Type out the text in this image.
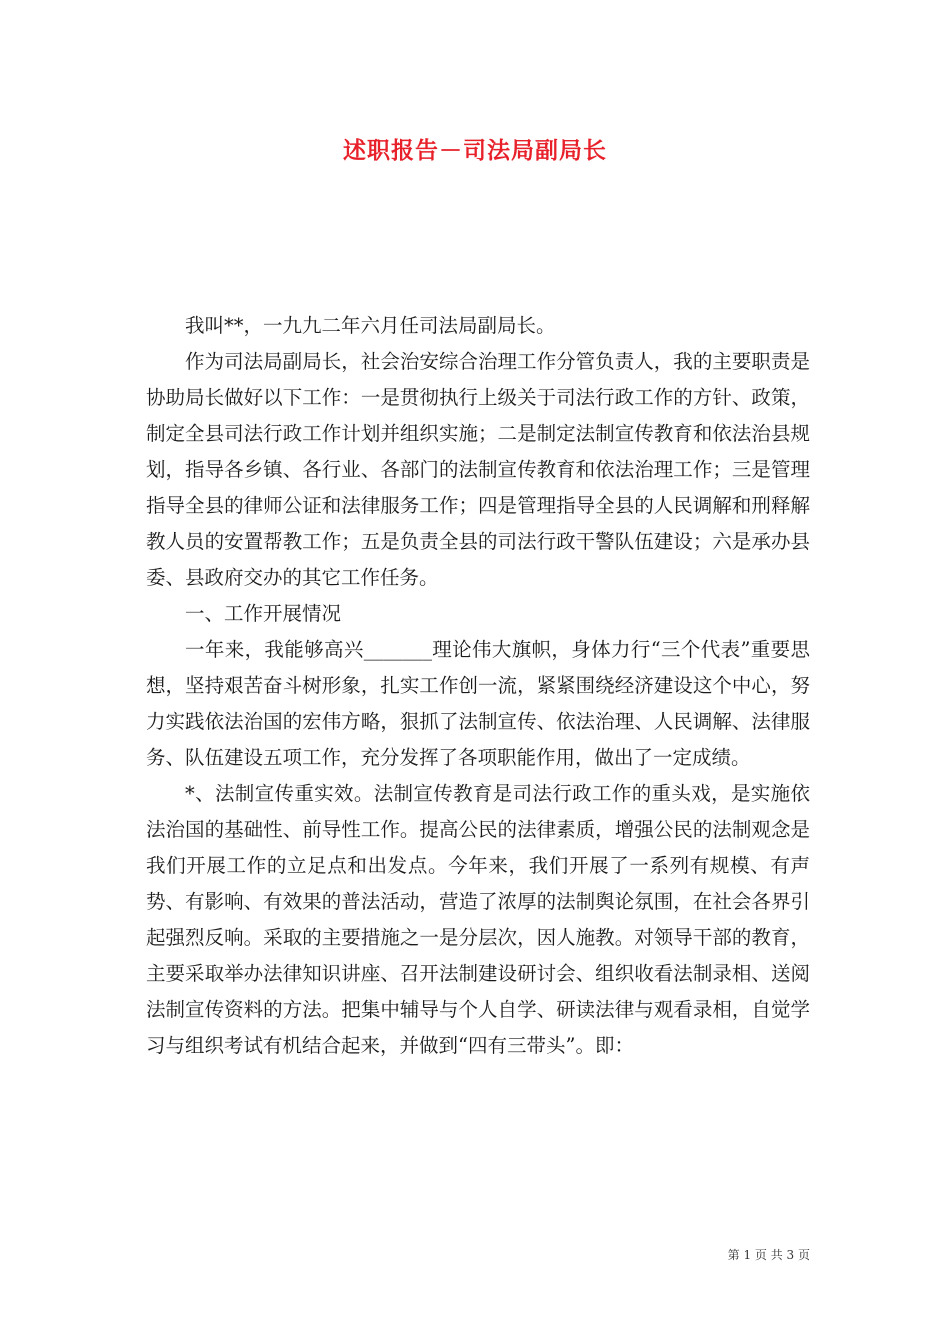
述职报告－司法局副局长

我叫**，一九九二年六月任司法局副局长。

作为司法局副局长，社会治安综合治理工作分管负责人，我的主要职责是协助局长做好以下工作：一是贯彻执行上级关于司法行政工作的方针、政策，制定全县司法行政工作计划并组织实施；二是制定法制宣传教育和依法治县规划，指导各乡镇、各行业、各部门的法制宣传教育和依法治理工作；三是管理指导全县的律师公证和法律服务工作；四是管理指导全县的人民调解和刑释解教人员的安置帮教工作；五是负责全县的司法行政干警队伍建设；六是承办县委、县政府交办的其它工作任务。

一、工作开展情况

一年来，我能够高兴_______理论伟大旗帜，身体力行“三个代表”重要思想，坚持艰苦奋斗树形象，扎实工作创一流，紧紧围绕经济建设这个中心，努力实践依法治国的宏伟方略，狠抓了法制宣传、依法治理、人民调解、法律服务、队伍建设五项工作，充分发挥了各项职能作用，做出了一定成绩。

*、法制宣传重实效。法制宣传教育是司法行政工作的重头戏，是实施依法治国的基础性、前导性工作。提高公民的法律素质，增强公民的法制观念是我们开展工作的立足点和出发点。今年来，我们开展了一系列有规模、有声势、有影响、有效果的普法活动，营造了浓厚的法制舆论氛围，在社会各界引起强烈反响。采取的主要措施之一是分层次，因人施教。对领导干部的教育，主要采取举办法律知识讲座、召开法制建设研讨会、组织收看法制录相、送阅法制宣传资料的方法。把集中辅导与个人自学、研读法律与观看录相，自觉学习与组织考试有机结合起来，并做到“四有三带头”。即：

第 1 页 共 3 页
